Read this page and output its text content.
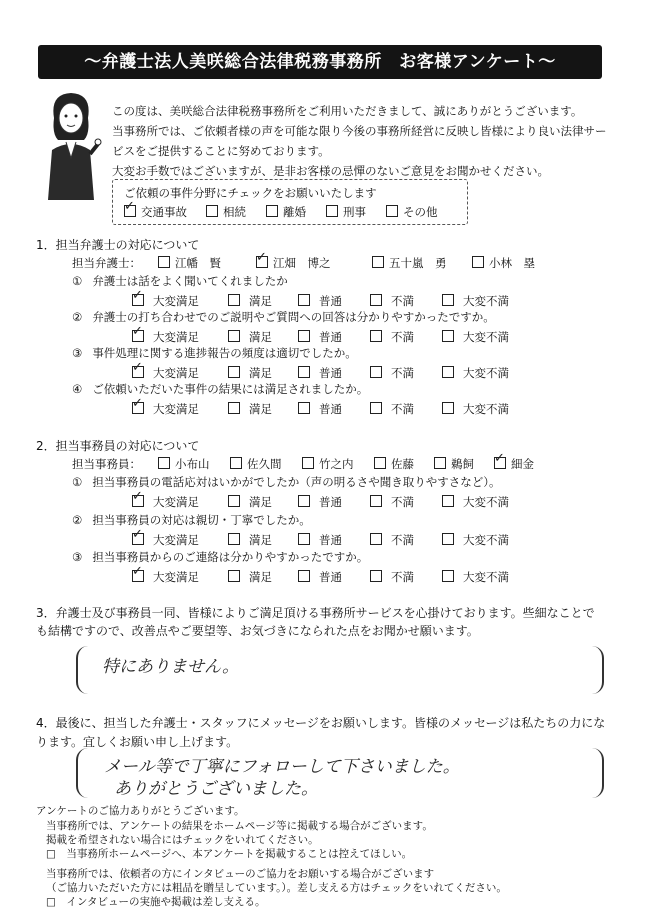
～弁護士法人美咲総合法律税務事務所　お客様アンケート～
この度は、美咲総合法律税務事務所をご利用いただきまして、誠にありがとうございます。
当事務所では、ご依頼者様の声を可能な限り今後の事務所経営に反映し皆様により良い法律サー
ビスをご提供することに努めております。
大変お手数ではございますが、是非お客様の忌憚のないご意見をお聞かせください。
ご依頼の事件分野にチェックをお願いいたします
✓交通事故	相続	離婚	刑事	その他
1．担当弁護士の対応について
担当弁護士：	江幡　賢 ✓	江畑　博之	五十嵐　勇	小林　塁
① 弁護士は話をよく聞いてくれましたか
✓大変満足	満足	普通	不満	大変不満
② 弁護士の打ち合わせでのご説明やご質問への回答は分かりやすかったですか。
✓大変満足	満足	普通	不満	大変不満
③ 事件処理に関する進捗報告の頻度は適切でしたか。
✓大変満足	満足	普通	不満	大変不満
④ ご依頼いただいた事件の結果には満足されましたか。
✓大変満足	満足	普通	不満	大変不満
2．担当事務員の対応について
担当事務員：	小布山	佐久間	竹之内	佐藤	鵜飼 ✓	細金
① 担当事務員の電話応対はいかがでしたか（声の明るさや聞き取りやすさなど）。
✓大変満足	満足	普通	不満	大変不満
② 担当事務員の対応は親切・丁寧でしたか。
✓大変満足	満足	普通	不満	大変不満
③ 担当事務員からのご連絡は分かりやすかったですか。
✓大変満足	満足	普通	不満	大変不満
3．弁護士及び事務員一同、皆様によりご満足頂ける事務所サービスを心掛けております。些細なことで
も結構ですので、改善点やご要望等、お気づきになられた点をお聞かせ願います。
特にありません。
4．最後に、担当した弁護士・スタッフにメッセージをお願いします。皆様のメッセージは私たちの力にな
ります。宜しくお願い申し上げます。
メール等で丁寧にフォローして下さいました。
ありがとうございました。
アンケートのご協力ありがとうございます。
当事務所では、アンケートの結果をホームページ等に掲載する場合がございます。
掲載を希望されない場合にはチェックをいれてください。
□　当事務所ホームページへ、本アンケートを掲載することは控えてほしい。
当事務所では、依頼者の方にインタビューのご協力をお願いする場合がございます
（ご協力いただいた方には粗品を贈呈しています。）。差し支える方はチェックをいれてください。
□　インタビューの実施や掲載は差し支える。
